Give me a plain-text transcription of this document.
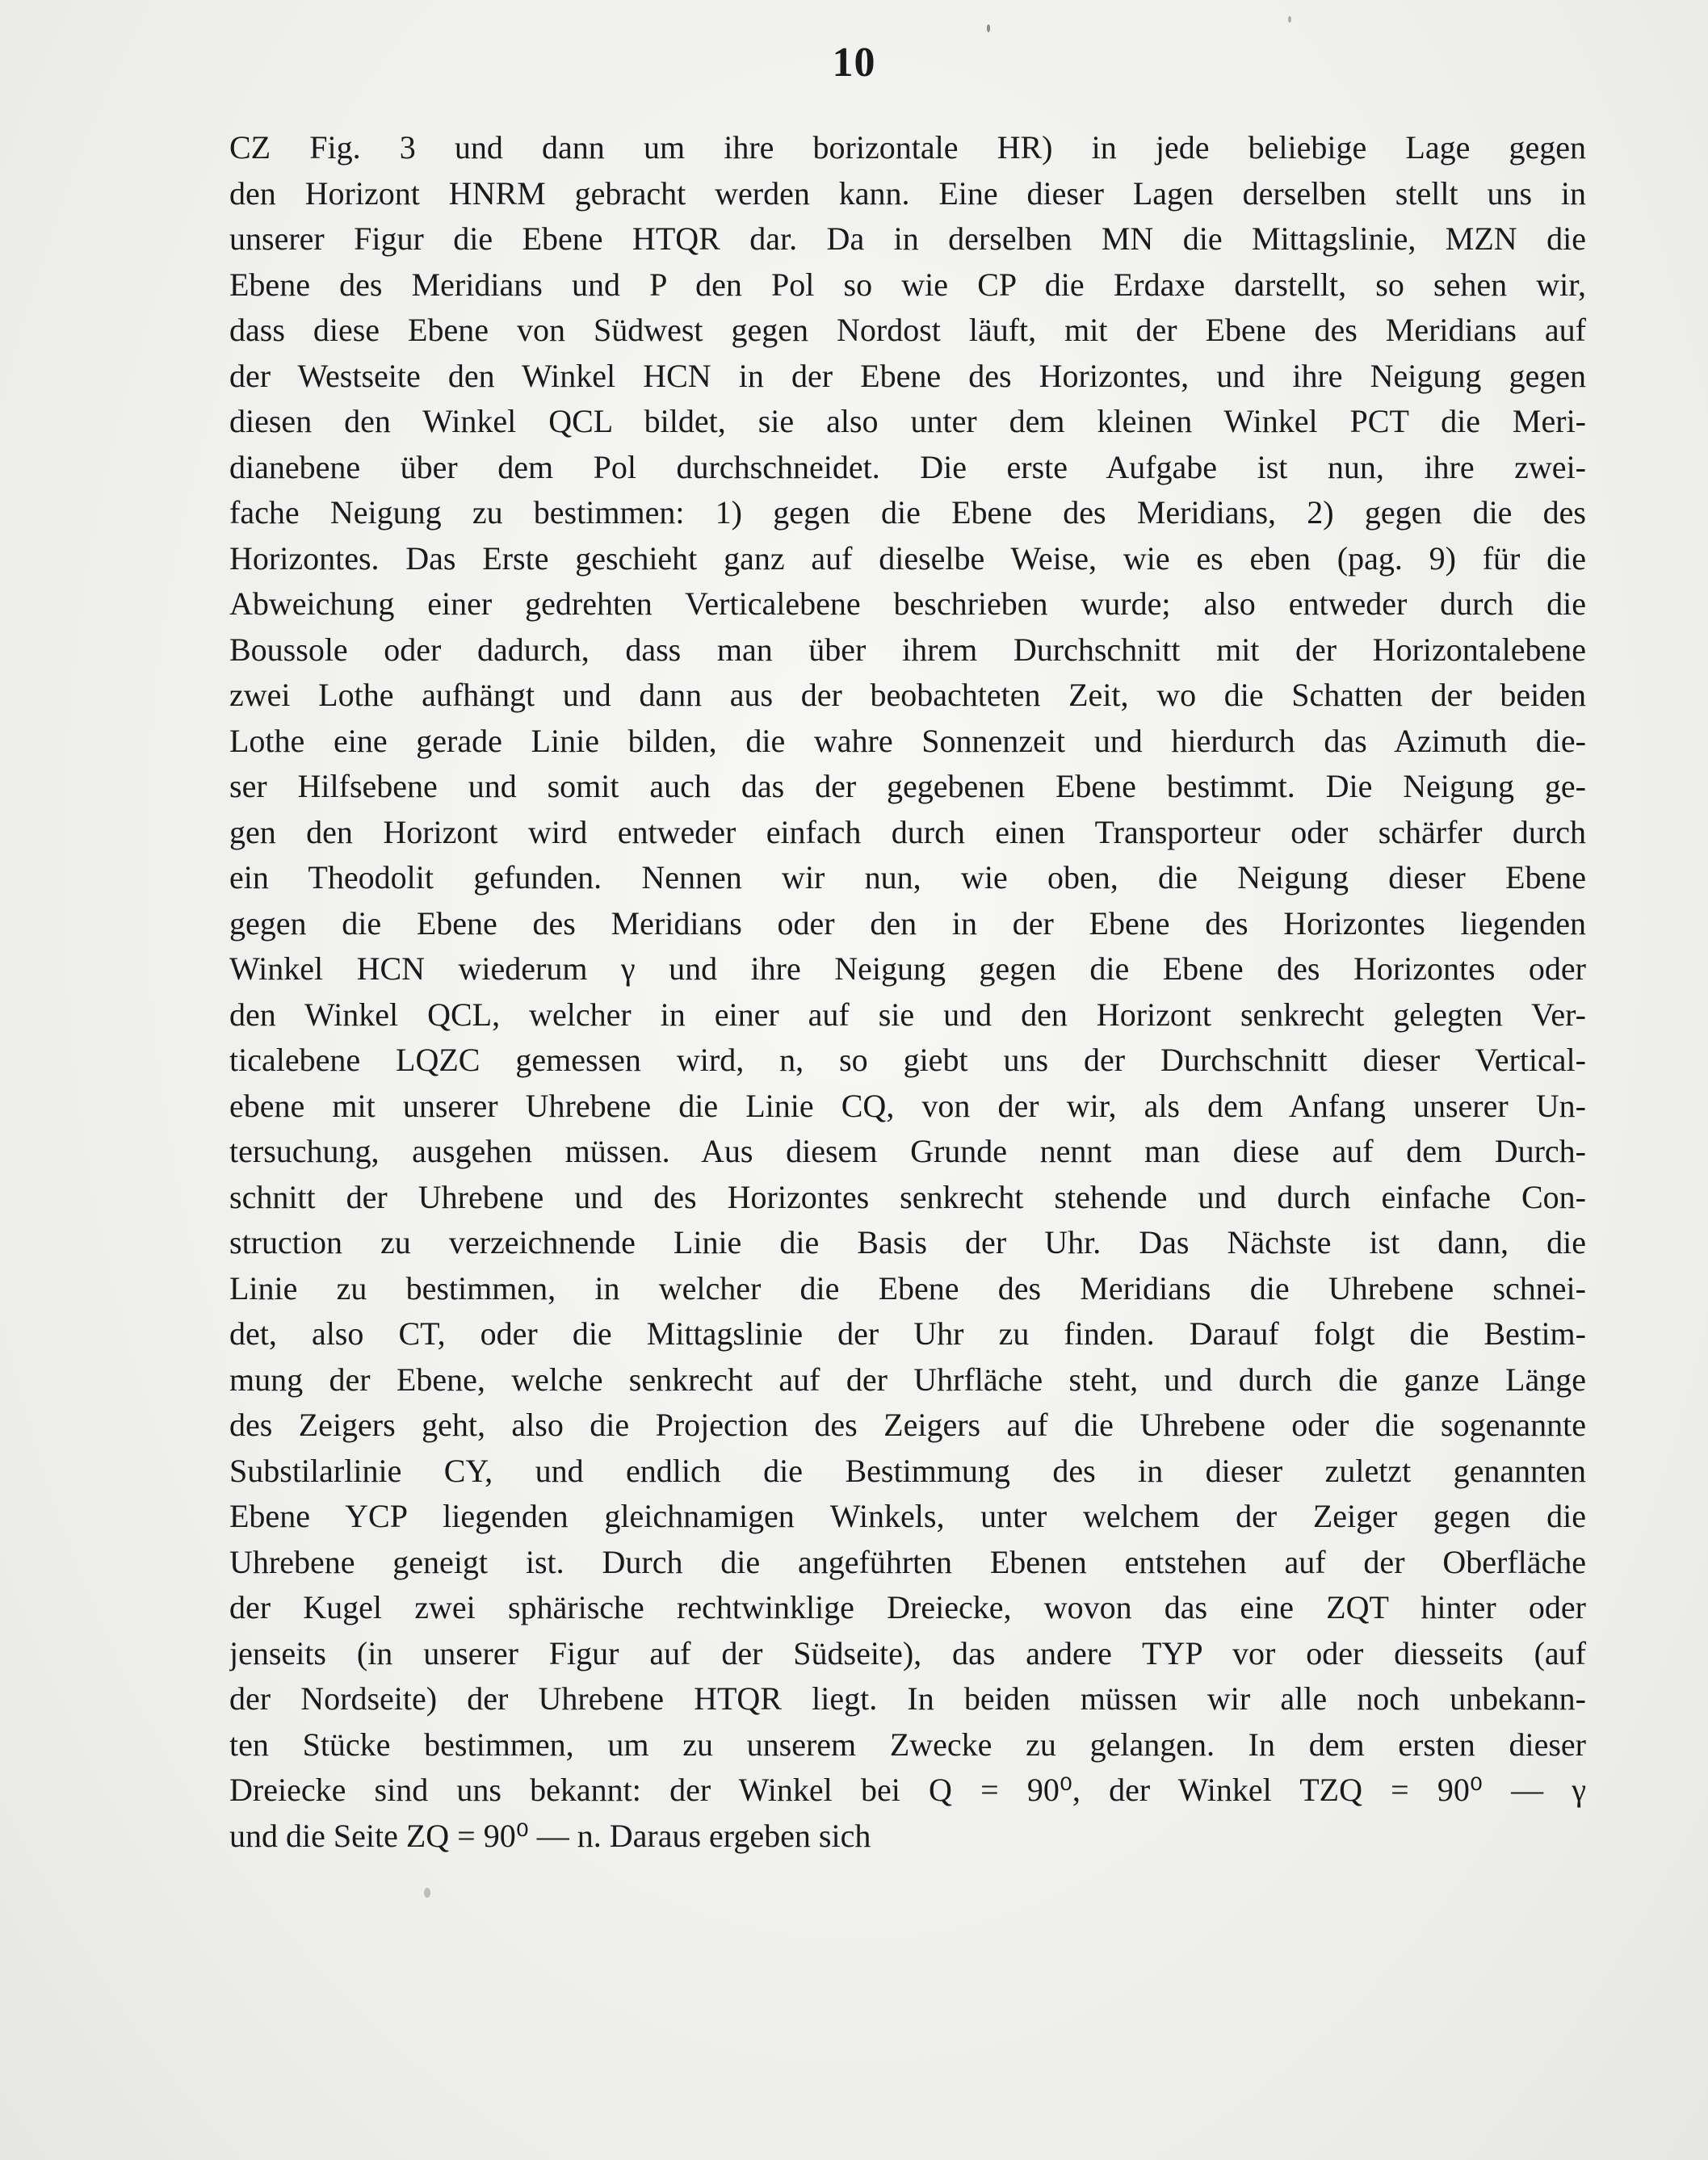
10
CZ Fig. 3 und dann um ihre borizontale HR) in jede beliebige Lage gegen
den Horizont HNRM gebracht werden kann. Eine dieser Lagen derselben stellt uns in
unserer Figur die Ebene HTQR dar. Da in derselben MN die Mittagslinie, MZN die
Ebene des Meridians und P den Pol so wie CP die Erdaxe darstellt, so sehen wir,
dass diese Ebene von Südwest gegen Nordost läuft, mit der Ebene des Meridians auf
der Westseite den Winkel HCN in der Ebene des Horizontes, und ihre Neigung gegen
diesen den Winkel QCL bildet, sie also unter dem kleinen Winkel PCT die Meri-
dianebene über dem Pol durchschneidet. Die erste Aufgabe ist nun, ihre zwei-
fache Neigung zu bestimmen: 1) gegen die Ebene des Meridians, 2) gegen die des
Horizontes. Das Erste geschieht ganz auf dieselbe Weise, wie es eben (pag. 9) für die
Abweichung einer gedrehten Verticalebene beschrieben wurde; also entweder durch die
Boussole oder dadurch, dass man über ihrem Durchschnitt mit der Horizontalebene
zwei Lothe aufhängt und dann aus der beobachteten Zeit, wo die Schatten der beiden
Lothe eine gerade Linie bilden, die wahre Sonnenzeit und hierdurch das Azimuth die-
ser Hilfsebene und somit auch das der gegebenen Ebene bestimmt. Die Neigung ge-
gen den Horizont wird entweder einfach durch einen Transporteur oder schärfer durch
ein Theodolit gefunden. Nennen wir nun, wie oben, die Neigung dieser Ebene
gegen die Ebene des Meridians oder den in der Ebene des Horizontes liegenden
Winkel HCN wiederum γ und ihre Neigung gegen die Ebene des Horizontes oder
den Winkel QCL, welcher in einer auf sie und den Horizont senkrecht gelegten Ver-
ticalebene LQZC gemessen wird, n, so giebt uns der Durchschnitt dieser Vertical-
ebene mit unserer Uhrebene die Linie CQ, von der wir, als dem Anfang unserer Un-
tersuchung, ausgehen müssen. Aus diesem Grunde nennt man diese auf dem Durch-
schnitt der Uhrebene und des Horizontes senkrecht stehende und durch einfache Con-
struction zu verzeichnende Linie die Basis der Uhr. Das Nächste ist dann, die
Linie zu bestimmen, in welcher die Ebene des Meridians die Uhrebene schnei-
det, also CT, oder die Mittagslinie der Uhr zu finden. Darauf folgt die Bestim-
mung der Ebene, welche senkrecht auf der Uhrfläche steht, und durch die ganze Länge
des Zeigers geht, also die Projection des Zeigers auf die Uhrebene oder die sogenannte
Substilarlinie CY, und endlich die Bestimmung des in dieser zuletzt genannten
Ebene YCP liegenden gleichnamigen Winkels, unter welchem der Zeiger gegen die
Uhrebene geneigt ist. Durch die angeführten Ebenen entstehen auf der Oberfläche
der Kugel zwei sphärische rechtwinklige Dreiecke, wovon das eine ZQT hinter oder
jenseits (in unserer Figur auf der Südseite), das andere TYP vor oder diesseits (auf
der Nordseite) der Uhrebene HTQR liegt. In beiden müssen wir alle noch unbekann-
ten Stücke bestimmen, um zu unserem Zwecke zu gelangen. In dem ersten dieser
Dreiecke sind uns bekannt: der Winkel bei Q = 90⁰, der Winkel TZQ = 90⁰ — γ
und die Seite ZQ = 90⁰ — n. Daraus ergeben sich
